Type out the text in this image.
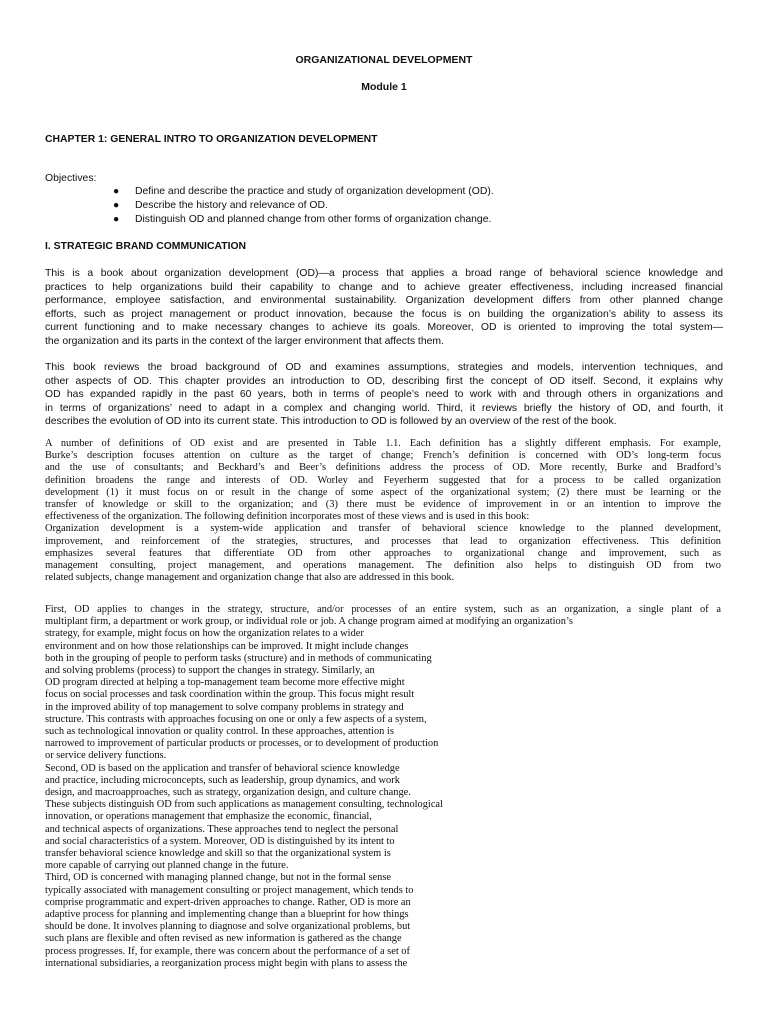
ORGANIZATIONAL DEVELOPMENT
Module 1
CHAPTER 1: GENERAL INTRO TO ORGANIZATION DEVELOPMENT
Objectives:
● Define and describe the practice and study of organization development (OD).
● Describe the history and relevance of OD.
● Distinguish OD and planned change from other forms of organization change.
I. STRATEGIC BRAND COMMUNICATION
This is a book about organization development (OD)—a process that applies a broad range of behavioral science knowledge and
practices to help organizations build their capability to change and to achieve greater effectiveness, including increased financial
performance, employee satisfaction, and environmental sustainability. Organization development differs from other planned change
efforts, such as project management or product innovation, because the focus is on building the organization’s ability to assess its
current functioning and to make necessary changes to achieve its goals. Moreover, OD is oriented to improving the total system—
the organization and its parts in the context of the larger environment that affects them.
This book reviews the broad background of OD and examines assumptions, strategies and models, intervention techniques, and
other aspects of OD. This chapter provides an introduction to OD, describing first the concept of OD itself. Second, it explains why
OD has expanded rapidly in the past 60 years, both in terms of people’s need to work with and through others in organizations and
in terms of organizations’ need to adapt in a complex and changing world. Third, it reviews briefly the history of OD, and fourth, it
describes the evolution of OD into its current state. This introduction to OD is followed by an overview of the rest of the book.
A number of definitions of OD exist and are presented in Table 1.1. Each definition has a slightly different emphasis. For example,
Burke’s description focuses attention on culture as the target of change; French’s definition is concerned with OD’s long-term focus
and the use of consultants; and Beckhard’s and Beer’s definitions address the process of OD. More recently, Burke and Bradford’s
definition broadens the range and interests of OD. Worley and Feyerherm suggested that for a process to be called organization
development (1) it must focus on or result in the change of some aspect of the organizational system; (2) there must be learning or the
transfer of knowledge or skill to the organization; and (3) there must be evidence of improvement in or an intention to improve the
effectiveness of the organization. The following definition incorporates most of these views and is used in this book:
Organization development is a system-wide application and transfer of behavioral science knowledge to the planned development,
improvement, and reinforcement of the strategies, structures, and processes that lead to organization effectiveness. This definition
emphasizes several features that differentiate OD from other approaches to organizational change and improvement, such as
management consulting, project management, and operations management. The definition also helps to distinguish OD from two
related subjects, change management and organization change that also are addressed in this book.
First, OD applies to changes in the strategy, structure, and/or processes of an entire system, such as an organization, a single plant of a
multiplant firm, a department or work group, or individual role or job. A change program aimed at modifying an organization’s
strategy, for example, might focus on how the organization relates to a wider
environment and on how those relationships can be improved. It might include changes
both in the grouping of people to perform tasks (structure) and in methods of communicating
and solving problems (process) to support the changes in strategy. Similarly, an
OD program directed at helping a top-management team become more effective might
focus on social processes and task coordination within the group. This focus might result
in the improved ability of top management to solve company problems in strategy and
structure. This contrasts with approaches focusing on one or only a few aspects of a system,
such as technological innovation or quality control. In these approaches, attention is
narrowed to improvement of particular products or processes, or to development of production
or service delivery functions.
Second, OD is based on the application and transfer of behavioral science knowledge
and practice, including microconcepts, such as leadership, group dynamics, and work
design, and macroapproaches, such as strategy, organization design, and culture change.
These subjects distinguish OD from such applications as management consulting, technological
innovation, or operations management that emphasize the economic, financial,
and technical aspects of organizations. These approaches tend to neglect the personal
and social characteristics of a system. Moreover, OD is distinguished by its intent to
transfer behavioral science knowledge and skill so that the organizational system is
more capable of carrying out planned change in the future.
Third, OD is concerned with managing planned change, but not in the formal sense
typically associated with management consulting or project management, which tends to
comprise programmatic and expert-driven approaches to change. Rather, OD is more an
adaptive process for planning and implementing change than a blueprint for how things
should be done. It involves planning to diagnose and solve organizational problems, but
such plans are flexible and often revised as new information is gathered as the change
process progresses. If, for example, there was concern about the performance of a set of
international subsidiaries, a reorganization process might begin with plans to assess the
